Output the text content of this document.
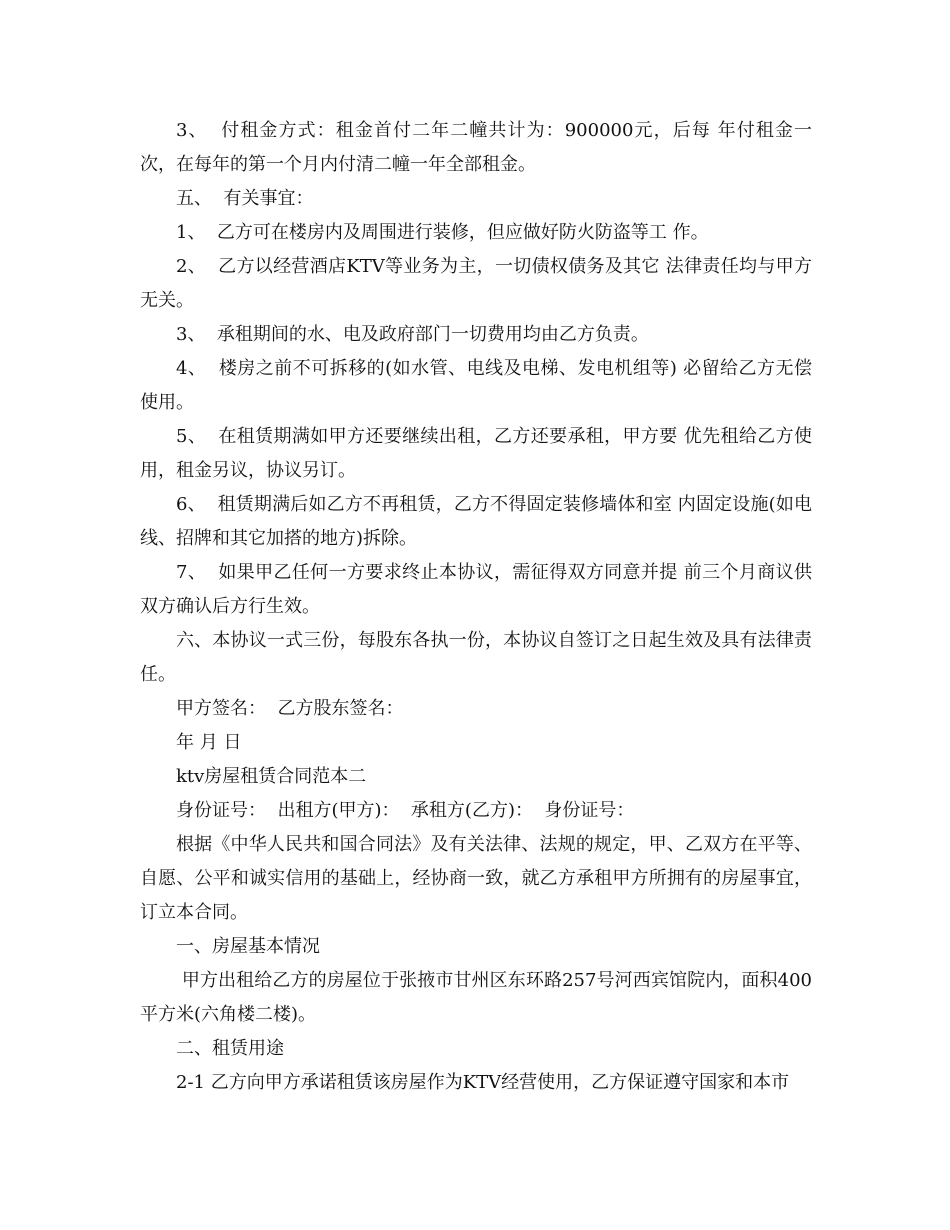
3、  付租金方式：租金首付二年二幢共计为：900000元，后每 年付租金一次，在每年的第一个月内付清二幢一年全部租金。

五、  有关事宜：

1、  乙方可在楼房内及周围进行装修，但应做好防火防盗等工 作。

2、  乙方以经营酒店KTV等业务为主，一切债权债务及其它 法律责任均与甲方无关。

3、  承租期间的水、电及政府部门一切费用均由乙方负责。

4、  楼房之前不可拆移的(如水管、电线及电梯、发电机组等) 必留给乙方无偿使用。

5、  在租赁期满如甲方还要继续出租，乙方还要承租，甲方要 优先租给乙方使用，租金另议，协议另订。

6、  租赁期满后如乙方不再租赁，乙方不得固定装修墙体和室 内固定设施(如电线、招牌和其它加搭的地方)拆除。

7、  如果甲乙任何一方要求终止本协议，需征得双方同意并提 前三个月商议供双方确认后方行生效。

六、本协议一式三份，每股东各执一份，本协议自签订之日起生效及具有法律责任。

甲方签名：  乙方股东签名：

年 月 日

ktv房屋租赁合同范本二

身份证号：  出租方(甲方)：  承租方(乙方)：  身份证号：

根据《中华人民共和国合同法》及有关法律、法规的规定，甲、乙双方在平等、自愿、公平和诚实信用的基础上，经协商一致，就乙方承租甲方所拥有的房屋事宜，订立本合同。

一、房屋基本情况

甲方出租给乙方的房屋位于张掖市甘州区东环路257号河西宾馆院内，面积400平方米(六角楼二楼)。

二、租赁用途

2-1 乙方向甲方承诺租赁该房屋作为KTV经营使用，乙方保证遵守国家和本市
